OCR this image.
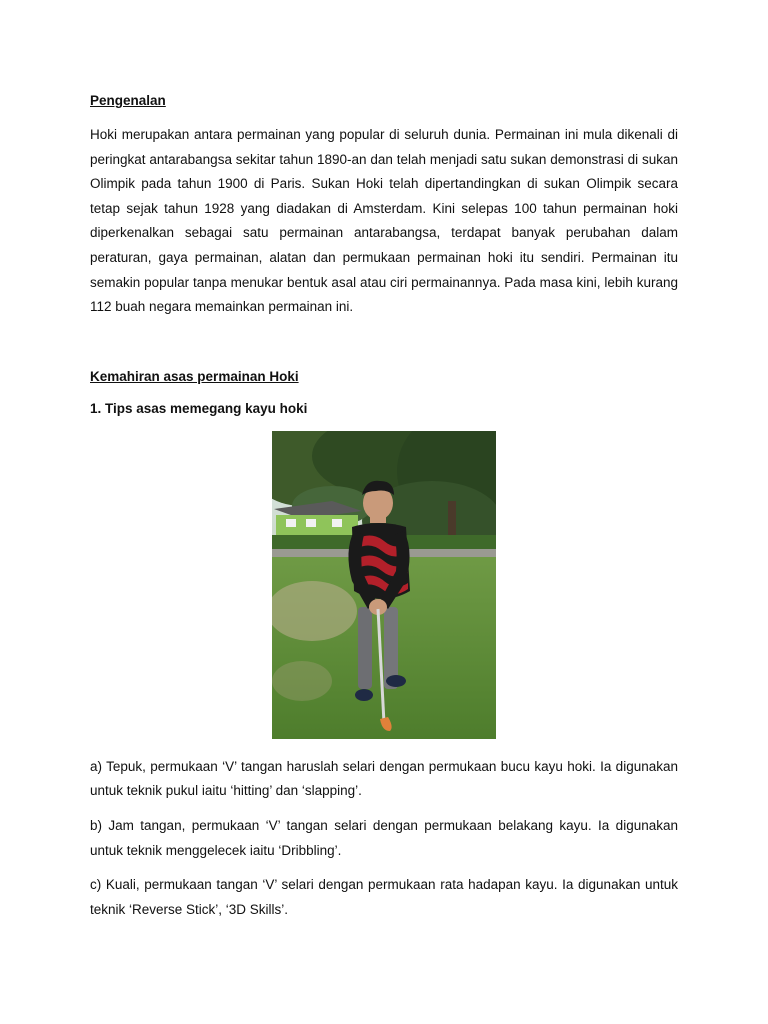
Pengenalan

Hoki merupakan antara permainan yang popular di seluruh dunia. Permainan ini mula dikenali di peringkat antarabangsa sekitar tahun 1890-an dan telah menjadi satu sukan demonstrasi di sukan Olimpik pada tahun 1900 di Paris. Sukan Hoki telah dipertandingkan di sukan Olimpik secara tetap sejak tahun 1928 yang diadakan di Amsterdam. Kini selepas 100 tahun permainan hoki diperkenalkan sebagai satu permainan antarabangsa, terdapat banyak perubahan dalam peraturan, gaya permainan, alatan dan permukaan permainan hoki itu sendiri. Permainan itu semakin popular tanpa menukar bentuk asal atau ciri permainannya. Pada masa kini, lebih kurang 112 buah negara memainkan permainan ini.

Kemahiran asas permainan Hoki

1. Tips asas memegang kayu hoki

a) Tepuk, permukaan ‘V’ tangan haruslah selari dengan permukaan bucu kayu hoki. Ia digunakan untuk teknik pukul iaitu ‘hitting’ dan ‘slapping’.

b) Jam tangan, permukaan ‘V’ tangan selari dengan permukaan belakang kayu. Ia digunakan untuk teknik menggelecek iaitu ‘Dribbling’.

c) Kuali, permukaan tangan ‘V’ selari dengan permukaan rata hadapan kayu. Ia digunakan untuk teknik ‘Reverse Stick’, ‘3D Skills’.
